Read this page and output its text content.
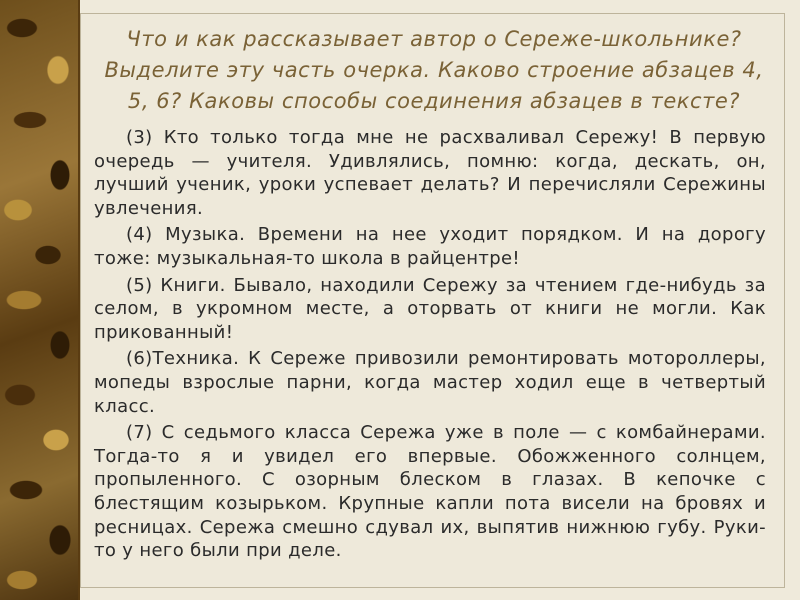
Что и как рассказывает автор о Сереже-школьнике? Выделите эту часть очерка. Каково строение абзацев 4, 5, 6? Каковы способы соединения абзацев в тексте?

(3) Кто только тогда мне не расхваливал Сережу! В первую очередь — учителя. Удивлялись, помню: когда, дескать, он, лучший ученик, уроки успевает делать? И перечисляли Сережины увлечения.

(4) Музыка. Времени на нее уходит порядком. И на дорогу тоже: музыкальная-то школа в райцентре!

(5) Книги. Бывало, находили Сережу за чтением где-нибудь за селом, в укромном месте, а оторвать от книги не могли. Как прикованный!

(6)Техника. К Сереже привозили ремонтировать мотороллеры, мопеды взрослые парни, когда мастер ходил еще в четвертый класс.

(7) С седьмого класса Сережа уже в поле — с комбайнерами. Тогда-то я и увидел его впервые. Обожженного солнцем, пропыленного. С озорным блеском в глазах. В кепочке с блестящим козырьком. Крупные капли пота висели на бровях и ресницах. Сережа смешно сдувал их, выпятив нижнюю губу. Руки-то у него были при деле.
